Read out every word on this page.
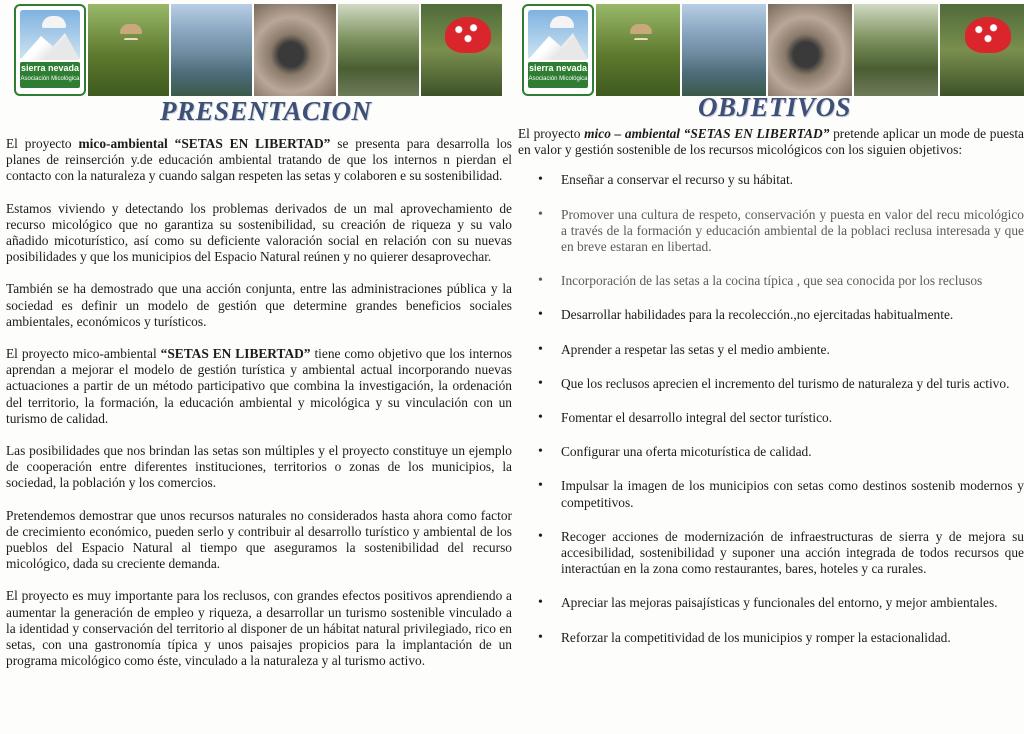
sierra nevada
Asociación Micológica
PRESENTACION

El proyecto mico-ambiental “SETAS EN LIBERTAD” se presenta para desarrolla los planes de reinserción y.de educación ambiental tratando de que los internos n pierdan el contacto con la naturaleza y cuando salgan respeten las setas y colaboren e su sostenibilidad.

Estamos viviendo y detectando los problemas derivados de un mal aprovechamiento de recurso micológico que no garantiza su sostenibilidad, su creación de riqueza y su valo añadido micoturístico, así como su deficiente valoración social en relación con su nuevas posibilidades y que los municipios del Espacio Natural reúnen y no quierer desaprovechar.

También se ha demostrado que una acción conjunta, entre las administraciones pública y la sociedad es definir un modelo de gestión que determine grandes beneficios sociales ambientales, económicos y turísticos.

El proyecto mico-ambiental “SETAS EN LIBERTAD” tiene como objetivo que los internos aprendan a mejorar el modelo de gestión turística y ambiental actual incorporando nuevas actuaciones a partir de un método participativo que combina la investigación, la ordenación del territorio, la formación, la educación ambiental y micológica y su vinculación con un turismo de calidad.

Las posibilidades que nos brindan las setas son múltiples y el proyecto constituye un ejemplo de cooperación entre diferentes instituciones, territorios o zonas de los municipios, la sociedad, la población y los comercios.

Pretendemos demostrar que unos recursos naturales no considerados hasta ahora como factor de crecimiento económico, pueden serlo y contribuir al desarrollo turístico y ambiental de los pueblos del Espacio Natural al tiempo que aseguramos la sostenibilidad del recurso micológico, dada su creciente demanda.

El proyecto es muy importante para los reclusos, con grandes efectos positivos aprendiendo a aumentar la generación de empleo y riqueza, a desarrollar un turismo sostenible vinculado a la identidad y conservación del territorio al disponer de un hábitat natural privilegiado, rico en setas, con una gastronomía típica y unos paisajes propicios para la implantación de un programa micológico como éste, vinculado a la naturaleza y al turismo activo.

sierra nevada
Asociación Micológica
OBJETIVOS

El proyecto mico – ambiental “SETAS EN LIBERTAD” pretende aplicar un mode de puesta en valor y gestión sostenible de los recursos micológicos con los siguien objetivos:

• Enseñar a conservar el recurso y su hábitat.
• Promover una cultura de respeto, conservación y puesta en valor del recu micológico a través de la formación y educación ambiental de la poblaci reclusa interesada y que en breve estaran en libertad.
• Incorporación de las setas a la cocina típica , que sea conocida por los reclusos
• Desarrollar habilidades para la recolección.,no ejercitadas habitualmente.
• Aprender a respetar las setas y el medio ambiente.
• Que los reclusos aprecien el incremento del turismo de naturaleza y del turis activo.
• Fomentar el desarrollo integral del sector turístico.
• Configurar una oferta micoturística de calidad.
• Impulsar la imagen de los municipios con setas como destinos sostenib modernos y competitivos.
• Recoger acciones de modernización de infraestructuras de sierra y de mejora su accesibilidad, sostenibilidad y suponer una acción integrada de todos recursos que interactúan en la zona como restaurantes, bares, hoteles y ca rurales.
• Apreciar las mejoras paisajísticas y funcionales del entorno, y mejor ambientales.
• Reforzar la competitividad de los municipios y romper la estacionalidad.
